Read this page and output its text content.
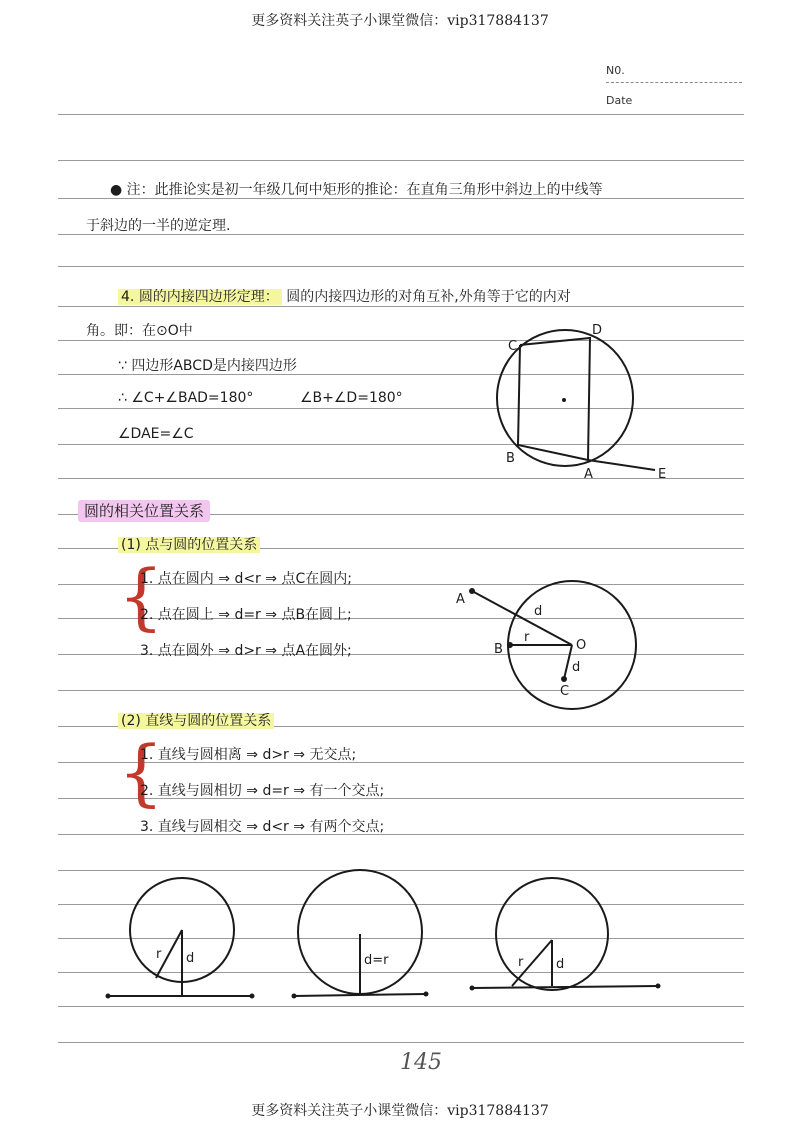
更多资料关注英子小课堂微信：vip317884137
更多资料关注英子小课堂微信：vip317884137
N0.
Date
● 注：此推论实是初一年级几何中矩形的推论：在直角三角形中斜边上的中线等
于斜边的一半的逆定理.
4. 圆的内接四边形定理： 圆的内接四边形的对角互补,外角等于它的内对
角。即：在⊙O中
∵ 四边形ABCD是内接四边形
∴ ∠C+∠BAD=180°	∠B+∠D=180°
∠DAE=∠C
C
D
B
A	E
圆的相关位置关系
(1) 点与圆的位置关系
{
1. 点在圆内 ⇒ d<r ⇒ 点C在圆内;
2. 点在圆上 ⇒ d=r ⇒ 点B在圆上;
3. 点在圆外 ⇒ d>r ⇒ 点A在圆外;
A
B	O
C
d
r
d
(2) 直线与圆的位置关系
{
1. 直线与圆相离 ⇒ d>r ⇒ 无交点;
2. 直线与圆相切 ⇒ d=r ⇒ 有一个交点;
3. 直线与圆相交 ⇒ d<r ⇒ 有两个交点;
r d	d=r	r	d
145
